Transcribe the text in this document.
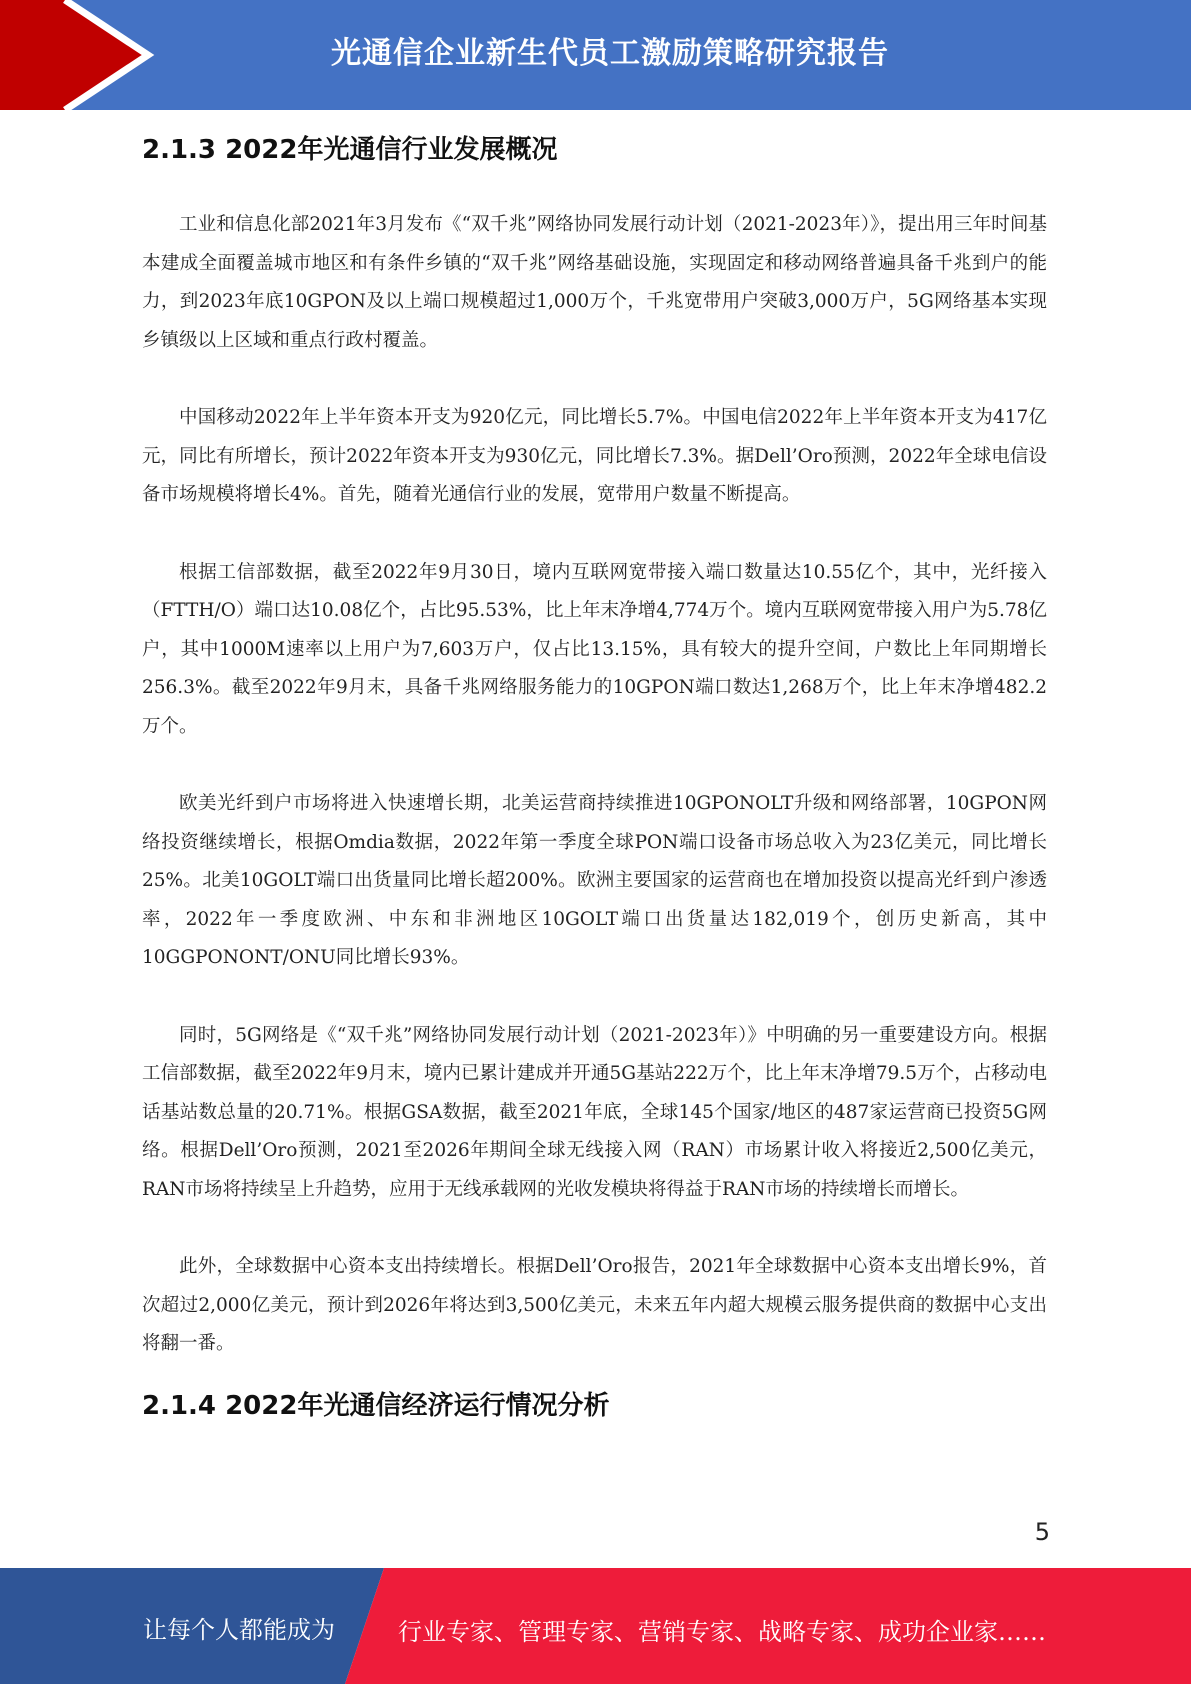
光通信企业新生代员工激励策略研究报告
2.1.3 2022年光通信行业发展概况

工业和信息化部2021年3月发布《“双千兆”网络协同发展行动计划（2021-2023年）》，提出用三年时间基本建成全面覆盖城市地区和有条件乡镇的“双千兆”网络基础设施，实现固定和移动网络普遍具备千兆到户的能力，到2023年底10GPON及以上端口规模超过1,000万个，千兆宽带用户突破3,000万户，5G网络基本实现乡镇级以上区域和重点行政村覆盖。

中国移动2022年上半年资本开支为920亿元，同比增长5.7%。中国电信2022年上半年资本开支为417亿元，同比有所增长，预计2022年资本开支为930亿元，同比增长7.3%。据Dell’Oro预测，2022年全球电信设备市场规模将增长4%。首先，随着光通信行业的发展，宽带用户数量不断提高。

根据工信部数据，截至2022年9月30日，境内互联网宽带接入端口数量达10.55亿个，其中，光纤接入（FTTH/O）端口达10.08亿个，占比95.53%，比上年末净增4,774万个。境内互联网宽带接入用户为5.78亿户，其中1000M速率以上用户为7,603万户，仅占比13.15%，具有较大的提升空间，户数比上年同期增长256.3%。截至2022年9月末，具备千兆网络服务能力的10GPON端口数达1,268万个，比上年末净增482.2万个。

欧美光纤到户市场将进入快速增长期，北美运营商持续推进10GPONOLT升级和网络部署，10GPON网络投资继续增长，根据Omdia数据，2022年第一季度全球PON端口设备市场总收入为23亿美元，同比增长25%。北美10GOLT端口出货量同比增长超200%。欧洲主要国家的运营商也在增加投资以提高光纤到户渗透率，2022年一季度欧洲、中东和非洲地区10GOLT端口出货量达182,019个，创历史新高，其中10GGPONONT/ONU同比增长93%。

同时，5G网络是《“双千兆”网络协同发展行动计划（2021-2023年）》中明确的另一重要建设方向。根据工信部数据，截至2022年9月末，境内已累计建成并开通5G基站222万个，比上年末净增79.5万个，占移动电话基站数总量的20.71%。根据GSA数据，截至2021年底，全球145个国家/地区的487家运营商已投资5G网络。根据Dell’Oro预测，2021至2026年期间全球无线接入网（RAN）市场累计收入将接近2,500亿美元，RAN市场将持续呈上升趋势，应用于无线承载网的光收发模块将得益于RAN市场的持续增长而增长。

此外，全球数据中心资本支出持续增长。根据Dell’Oro报告，2021年全球数据中心资本支出增长9%，首次超过2,000亿美元，预计到2026年将达到3,500亿美元，未来五年内超大规模云服务提供商的数据中心支出将翻一番。

2.1.4 2022年光通信经济运行情况分析
5
让每个人都能成为	行业专家、管理专家、营销专家、战略专家、成功企业家……
